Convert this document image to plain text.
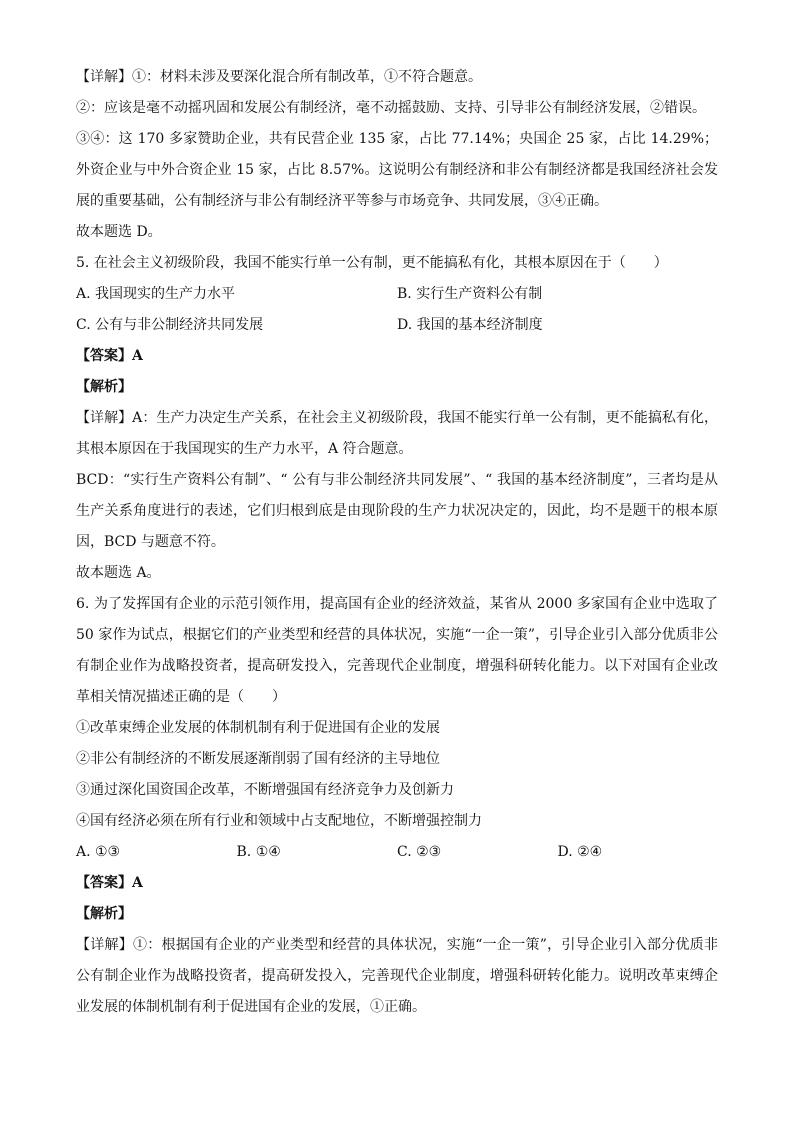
【详解】①：材料未涉及要深化混合所有制改革，①不符合题意。
②：应该是毫不动摇巩固和发展公有制经济，毫不动摇鼓励、支持、引导非公有制经济发展，②错误。
③④：这 170 多家赞助企业，共有民营企业 135 家，占比 77.14%；央国企 25 家，占比 14.29%；外资企业与中外合资企业 15 家，占比 8.57%。这说明公有制经济和非公有制经济都是我国经济社会发展的重要基础，公有制经济与非公有制经济平等参与市场竞争、共同发展，③④正确。
故本题选 D。
5. 在社会主义初级阶段，我国不能实行单一公有制，更不能搞私有化，其根本原因在于（　　）
A. 我国现实的生产力水平	B. 实行生产资料公有制
C. 公有与非公制经济共同发展	D. 我国的基本经济制度
【答案】A
【解析】
【详解】A：生产力决定生产关系，在社会主义初级阶段，我国不能实行单一公有制，更不能搞私有化，其根本原因在于我国现实的生产力水平，A 符合题意。
BCD：“实行生产资料公有制”、“ 公有与非公制经济共同发展”、“ 我国的基本经济制度”，三者均是从生产关系角度进行的表述，它们归根到底是由现阶段的生产力状况决定的，因此，均不是题干的根本原因，BCD 与题意不符。
故本题选 A。
6. 为了发挥国有企业的示范引领作用，提高国有企业的经济效益，某省从 2000 多家国有企业中选取了 50 家作为试点，根据它们的产业类型和经营的具体状况，实施“一企一策”，引导企业引入部分优质非公有制企业作为战略投资者，提高研发投入，完善现代企业制度，增强科研转化能力。以下对国有企业改革相关情况描述正确的是（　　）
①改革束缚企业发展的体制机制有利于促进国有企业的发展
②非公有制经济的不断发展逐渐削弱了国有经济的主导地位
③通过深化国资国企改革，不断增强国有经济竞争力及创新力
④国有经济必须在所有行业和领域中占支配地位，不断增强控制力
A. ①③	B. ①④	C. ②③	D. ②④
【答案】A
【解析】
【详解】①：根据国有企业的产业类型和经营的具体状况，实施“一企一策”，引导企业引入部分优质非公有制企业作为战略投资者，提高研发投入，完善现代企业制度，增强科研转化能力。说明改革束缚企业发展的体制机制有利于促进国有企业的发展，①正确。
